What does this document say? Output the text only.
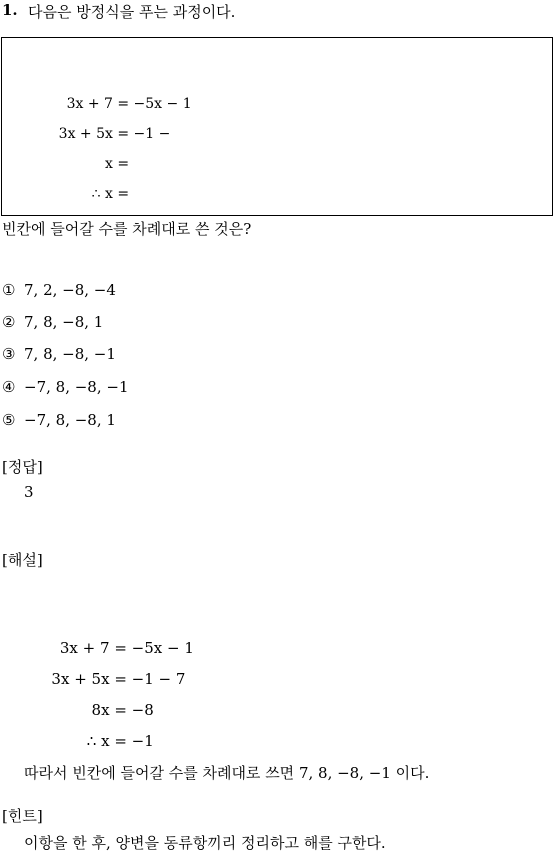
1. 다음은 방정식을 푸는 과정이다.

3x + 7 = −5x − 1

3x + 5x = −1 −

x =

∴ x =

빈칸에 들어갈 수를 차례대로 쓴 것은?
① 7, 2, −8, −4
② 7, 8, −8, 1
③ 7, 8, −8, −1
④ −7, 8, −8, −1
⑤ −7, 8, −8, 1
[정답]
3
[해설]

3x + 7 = −5x − 1

3x + 5x = −1 − 7

8x = −8

∴ x = −1

따라서 빈칸에 들어갈 수를 차례대로 쓰면 7, 8, −8, −1 이다.
[힌트]
이항을 한 후, 양변을 동류항끼리 정리하고 해를 구한다.
